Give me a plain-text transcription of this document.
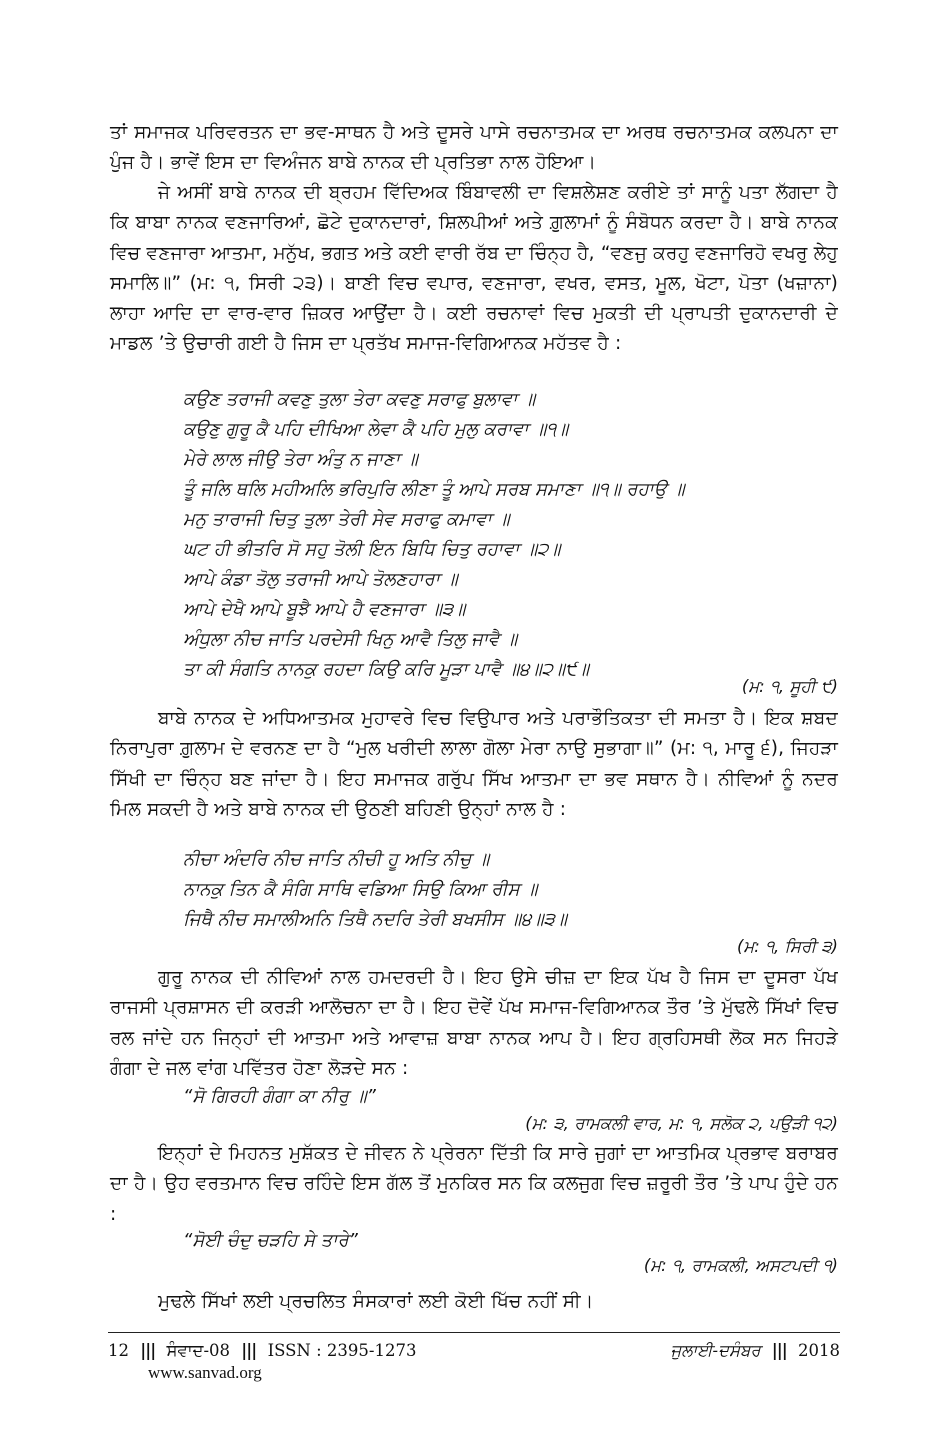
ਤਾਂ ਸਮਾਜਕ ਪਰਿਵਰਤਨ ਦਾ ਭਵ-ਸਾਥਨ ਹੈ ਅਤੇ ਦੂਸਰੇ ਪਾਸੇ ਰਚਨਾਤਮਕ ਦਾ ਅਰਥ ਰਚਨਾਤਮਕ ਕਲਪਨਾ ਦਾ ਪੁੰਜ ਹੈ। ਭਾਵੇਂ ਇਸ ਦਾ ਵਿਅੰਜਨ ਬਾਬੇ ਨਾਨਕ ਦੀ ਪ੍ਰਤਿਭਾ ਨਾਲ ਹੋਇਆ।

ਜੇ ਅਸੀਂ ਬਾਬੇ ਨਾਨਕ ਦੀ ਬ੍ਰਹਮ ਵਿੱਦਿਅਕ ਬਿੰਬਾਵਲੀ ਦਾ ਵਿਸ਼ਲੇਸ਼ਣ ਕਰੀਏ ਤਾਂ ਸਾਨੂੰ ਪਤਾ ਲੱਗਦਾ ਹੈ ਕਿ ਬਾਬਾ ਨਾਨਕ ਵਣਜਾਰਿਆਂ, ਛੋਟੇ ਦੁਕਾਨਦਾਰਾਂ, ਸ਼ਿਲਪੀਆਂ ਅਤੇ ਗ਼ੁਲਾਮਾਂ ਨੂੰ ਸੰਬੋਧਨ ਕਰਦਾ ਹੈ। ਬਾਬੇ ਨਾਨਕ ਵਿਚ ਵਣਜਾਰਾ ਆਤਮਾ, ਮਨੁੱਖ, ਭਗਤ ਅਤੇ ਕਈ ਵਾਰੀ ਰੱਬ ਦਾ ਚਿੰਨ੍ਹ ਹੈ, “ਵਣਜੁ ਕਰਹੁ ਵਣਜਾਰਿਹੋ ਵਖਰੁ ਲੇਹੁ ਸਮਾਲਿ॥” (ਮ: ੧, ਸਿਰੀ ੨੩)। ਬਾਣੀ ਵਿਚ ਵਪਾਰ, ਵਣਜਾਰਾ, ਵਖਰ, ਵਸਤ, ਮੂਲ, ਖੋਟਾ, ਪੋਤਾ (ਖਜ਼ਾਨਾ) ਲਾਹਾ ਆਦਿ ਦਾ ਵਾਰ-ਵਾਰ ਜ਼ਿਕਰ ਆਉਂਦਾ ਹੈ। ਕਈ ਰਚਨਾਵਾਂ ਵਿਚ ਮੁਕਤੀ ਦੀ ਪ੍ਰਾਪਤੀ ਦੁਕਾਨਦਾਰੀ ਦੇ ਮਾਡਲ ’ਤੇ ਉਚਾਰੀ ਗਈ ਹੈ ਜਿਸ ਦਾ ਪ੍ਰਤੱਖ ਸਮਾਜ-ਵਿਗਿਆਨਕ ਮਹੱਤਵ ਹੈ :

ਕਉਣ ਤਰਾਜੀ ਕਵਣੁ ਤੁਲਾ ਤੇਰਾ ਕਵਣੁ ਸਰਾਫੁ ਬੁਲਾਵਾ ॥
ਕਉਣੁ ਗੁਰੂ ਕੈ ਪਹਿ ਦੀਖਿਆ ਲੇਵਾ ਕੈ ਪਹਿ ਮੁਲੁ ਕਰਾਵਾ ॥੧॥
ਮੇਰੇ ਲਾਲ ਜੀਉ ਤੇਰਾ ਅੰਤੁ ਨ ਜਾਣਾ ॥
ਤੂੰ ਜਲਿ ਥਲਿ ਮਹੀਅਲਿ ਭਰਿਪੁਰਿ ਲੀਣਾ ਤੂੰ ਆਪੇ ਸਰਬ ਸਮਾਣਾ ॥੧॥ ਰਹਾਉ ॥
ਮਨੁ ਤਾਰਾਜੀ ਚਿਤੁ ਤੁਲਾ ਤੇਰੀ ਸੇਵ ਸਰਾਫੁ ਕਮਾਵਾ ॥
ਘਟ ਹੀ ਭੀਤਰਿ ਸੋ ਸਹੁ ਤੋਲੀ ਇਨ ਬਿਧਿ ਚਿਤੁ ਰਹਾਵਾ ॥੨॥
ਆਪੇ ਕੰਡਾ ਤੋਲੁ ਤਰਾਜੀ ਆਪੇ ਤੋਲਣਹਾਰਾ ॥
ਆਪੇ ਦੇਖੈ ਆਪੇ ਬੂਝੈ ਆਪੇ ਹੈ ਵਣਜਾਰਾ ॥੩॥
ਅੰਧੁਲਾ ਨੀਚ ਜਾਤਿ ਪਰਦੇਸੀ ਖਿਨੁ ਆਵੈ ਤਿਲੁ ਜਾਵੈ ॥
ਤਾ ਕੀ ਸੰਗਤਿ ਨਾਨਕੁ ਰਹਦਾ ਕਿਉ ਕਰਿ ਮੂੜਾ ਪਾਵੈ ॥੪॥੨॥੯॥
(ਮ: ੧, ਸੂਹੀ ੯)

ਬਾਬੇ ਨਾਨਕ ਦੇ ਅਧਿਆਤਮਕ ਮੁਹਾਵਰੇ ਵਿਚ ਵਿਉਪਾਰ ਅਤੇ ਪਰਾਭੌਤਿਕਤਾ ਦੀ ਸਮਤਾ ਹੈ। ਇਕ ਸ਼ਬਦ ਨਿਰਾਪੁਰਾ ਗ਼ੁਲਾਮ ਦੇ ਵਰਨਣ ਦਾ ਹੈ “ਮੁਲ ਖਰੀਦੀ ਲਾਲਾ ਗੋਲਾ ਮੇਰਾ ਨਾਉ ਸੁਭਾਗਾ॥” (ਮ: ੧, ਮਾਰੂ ੬), ਜਿਹੜਾ ਸਿੱਖੀ ਦਾ ਚਿੰਨ੍ਹ ਬਣ ਜਾਂਦਾ ਹੈ। ਇਹ ਸਮਾਜਕ ਗਰੁੱਪ ਸਿੱਖ ਆਤਮਾ ਦਾ ਭਵ ਸਥਾਨ ਹੈ। ਨੀਵਿਆਂ ਨੂੰ ਨਦਰ ਮਿਲ ਸਕਦੀ ਹੈ ਅਤੇ ਬਾਬੇ ਨਾਨਕ ਦੀ ਉਠਣੀ ਬਹਿਣੀ ਉਨ੍ਹਾਂ ਨਾਲ ਹੈ :

ਨੀਚਾ ਅੰਦਰਿ ਨੀਚ ਜਾਤਿ ਨੀਚੀ ਹੂ ਅਤਿ ਨੀਚੁ ॥
ਨਾਨਕੁ ਤਿਨ ਕੈ ਸੰਗਿ ਸਾਥਿ ਵਡਿਆ ਸਿਉ ਕਿਆ ਰੀਸ ॥
ਜਿਥੈ ਨੀਚ ਸਮਾਲੀਅਨਿ ਤਿਥੈ ਨਦਰਿ ਤੇਰੀ ਬਖਸੀਸ ॥੪॥੩॥
(ਮ: ੧, ਸਿਰੀ ੩)

ਗੁਰੂ ਨਾਨਕ ਦੀ ਨੀਵਿਆਂ ਨਾਲ ਹਮਦਰਦੀ ਹੈ। ਇਹ ਉਸੇ ਚੀਜ਼ ਦਾ ਇਕ ਪੱਖ ਹੈ ਜਿਸ ਦਾ ਦੂਸਰਾ ਪੱਖ ਰਾਜਸੀ ਪ੍ਰਸ਼ਾਸਨ ਦੀ ਕਰੜੀ ਆਲੋਚਨਾ ਦਾ ਹੈ। ਇਹ ਦੋਵੇਂ ਪੱਖ ਸਮਾਜ-ਵਿਗਿਆਨਕ ਤੌਰ ’ਤੇ ਮੁੱਢਲੇ ਸਿੱਖਾਂ ਵਿਚ ਰਲ ਜਾਂਦੇ ਹਨ ਜਿਨ੍ਹਾਂ ਦੀ ਆਤਮਾ ਅਤੇ ਆਵਾਜ਼ ਬਾਬਾ ਨਾਨਕ ਆਪ ਹੈ। ਇਹ ਗ੍ਰਹਿਸਥੀ ਲੋਕ ਸਨ ਜਿਹੜੇ ਗੰਗਾ ਦੇ ਜਲ ਵਾਂਗ ਪਵਿੱਤਰ ਹੋਣਾ ਲੋੜਦੇ ਸਨ :

“ਸੋ ਗਿਰਹੀ ਗੰਗਾ ਕਾ ਨੀਰੁ ॥”
(ਮ: ੩, ਰਾਮਕਲੀ ਵਾਰ, ਮ: ੧, ਸਲੋਕ ੨, ਪਉੜੀ ੧੨)

ਇਨ੍ਹਾਂ ਦੇ ਮਿਹਨਤ ਮੁਸ਼ੱਕਤ ਦੇ ਜੀਵਨ ਨੇ ਪ੍ਰੇਰਨਾ ਦਿੱਤੀ ਕਿ ਸਾਰੇ ਜੁਗਾਂ ਦਾ ਆਤਮਿਕ ਪ੍ਰਭਾਵ ਬਰਾਬਰ ਦਾ ਹੈ। ਉਹ ਵਰਤਮਾਨ ਵਿਚ ਰਹਿੰਦੇ ਇਸ ਗੱਲ ਤੋਂ ਮੁਨਕਿਰ ਸਨ ਕਿ ਕਲਜੁਗ ਵਿਚ ਜ਼ਰੂਰੀ ਤੌਰ ’ਤੇ ਪਾਪ ਹੁੰਦੇ ਹਨ :

“ਸੋਈ ਚੰਦੁ ਚੜਹਿ ਸੇ ਤਾਰੇ”
(ਮ: ੧, ਰਾਮਕਲੀ, ਅਸਟਪਦੀ ੧)

ਮੁਢਲੇ ਸਿੱਖਾਂ ਲਈ ਪ੍ਰਚਲਿਤ ਸੰਸਕਾਰਾਂ ਲਈ ਕੋਈ ਖਿੱਚ ਨਹੀਂ ਸੀ।

12 ||| ਸੰਵਾਦ-08 ||| ISSN : 2395-1273
www.sanvad.org
ਜੁਲਾਈ-ਦਸੰਬਰ ||| 2018
